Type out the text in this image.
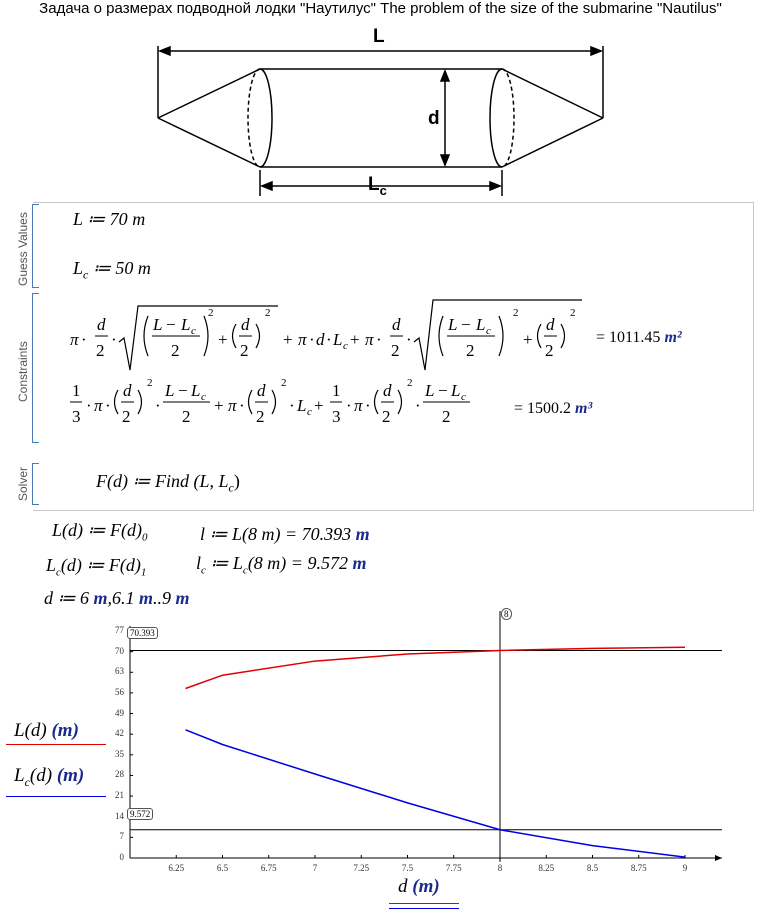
Задача о размерах подводной лодки "Наутилус" The problem of the size of the submarine "Nautilus"
L
d
$L_c$
Guess Values
Constraints
Solver
L ≔ 70 m
$L_c$ ≔ 50 m
π ·
d
2
·
L − L c
2
2
+
d
2
2
+ π · d · L c + π ·
d
2
·
L − L c
2
2
+
d
2
2
= 1011.45 m²
1
3
· π ·
d
2
2
·
L − L c
2
+ π ·
d
2
2
· L c +
1
3
· π ·
d
2
2
·
L − L c
2	= 1500.2 m³
F(d) ≔ Find (L, $L_c$)
L(d) ≔ $F(d)_0$	l ≔ L(8 m) = 70.393 m
$L_c(d)$ ≔ $F(d)_1$	$l_c$ ≔ $L_c(8$ m) = 9.572 m
d ≔ 6 m,6.1 m..9 m
0
7
14
21
28
35
42
49
56
63
70
77
6.25	6.5	6.75	7	7.25	7.5	7.75	8	8.25	8.5	8.75	9
70.393
9.572
8
L(d) (m)
$L_c(d)$ (m)
d (m)
